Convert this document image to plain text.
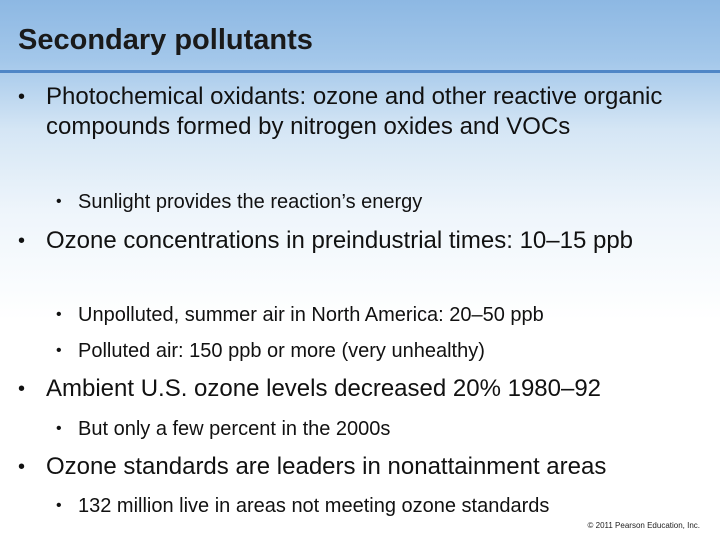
Secondary pollutants

• Photochemical oxidants: ozone and other reactive organic compounds formed by nitrogen oxides and VOCs

• Sunlight provides the reaction’s energy

• Ozone concentrations in preindustrial times: 10–15 ppb

• Unpolluted, summer air in North America: 20–50 ppb

• Polluted air: 150 ppb or more (very unhealthy)

• Ambient U.S. ozone levels decreased 20% 1980–92

• But only a few percent in the 2000s

• Ozone standards are leaders in nonattainment areas

• 132 million live in areas not meeting ozone standards

© 2011 Pearson Education, Inc.
